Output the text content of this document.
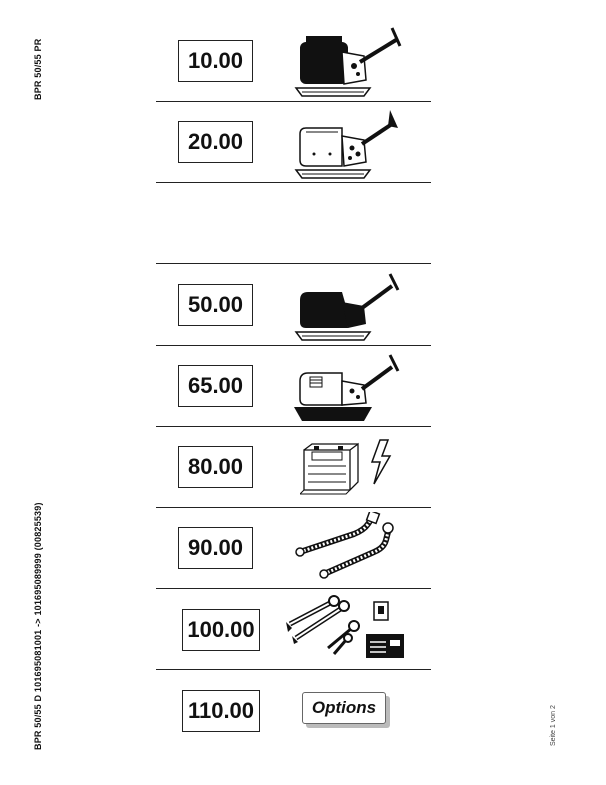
BPR 50/55 PR
BPR 50/55 D 101695081001 -> 101695089999 (00825539)	Seite 1 von 2
10.00
20.00
50.00
65.00
80.00
90.00
100.00
110.00	Options
